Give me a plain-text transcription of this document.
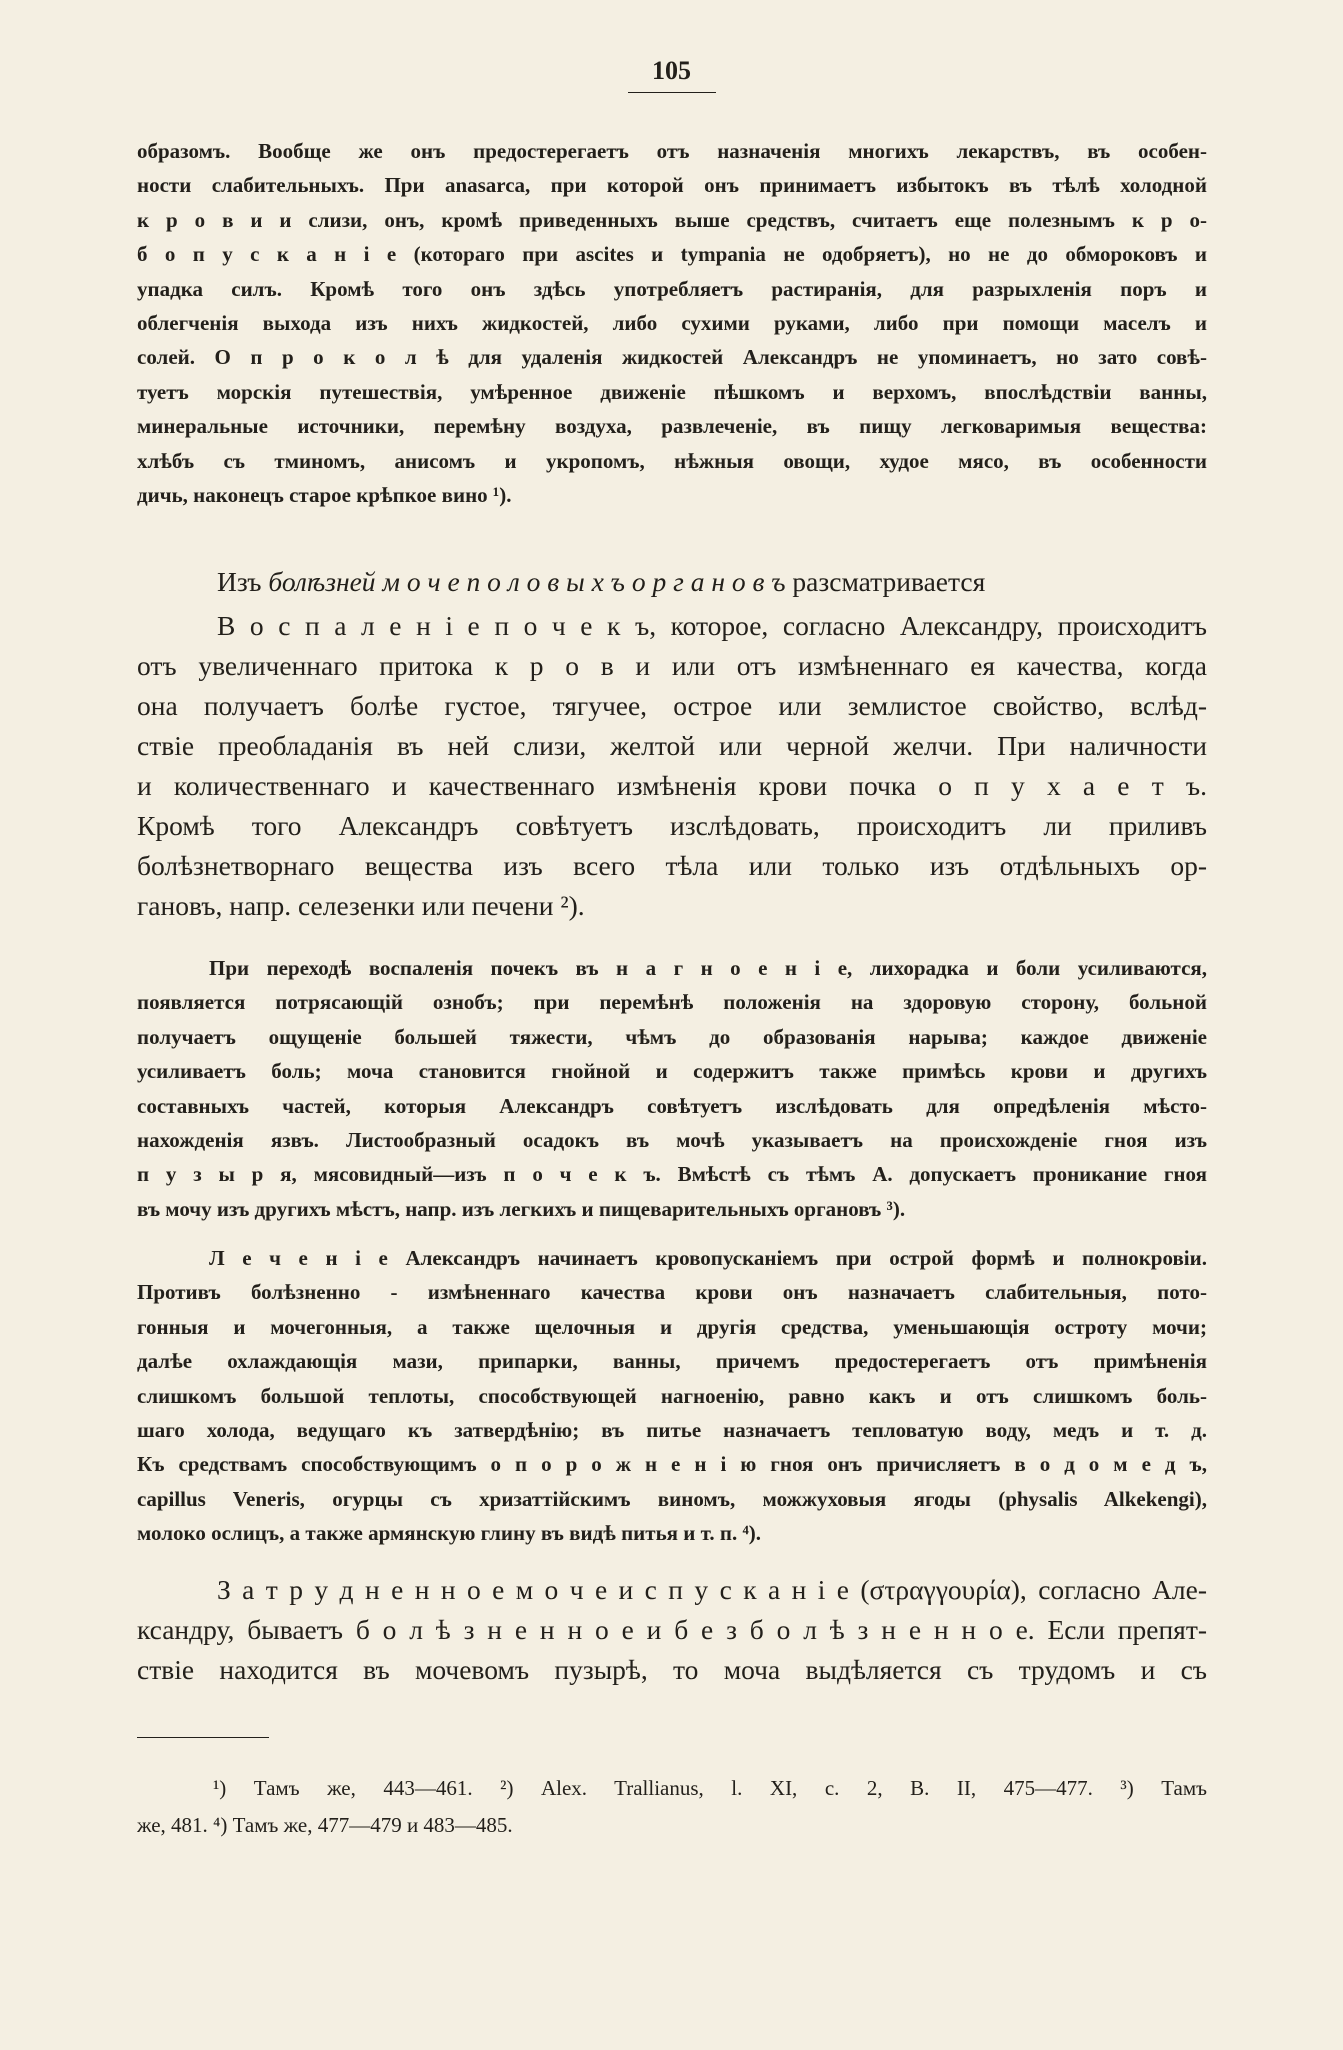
105
образомъ. Вообще же онъ предостерегаетъ отъ назначенія многихъ лекарствъ, въ особен-
ности слабительныхъ. При anasarca, при которой онъ принимаетъ избытокъ въ тѣлѣ холодной
к р о в и и слизи, онъ, кромѣ приведенныхъ выше средствъ, считаетъ еще полезнымъ к р о-
б о п у с к а н і е (котораго при ascites и tympania не одобряетъ), но не до обмороковъ и
упадка силъ. Кромѣ того онъ здѣсь употребляетъ растиранія, для разрыхленія поръ и
облегченія выхода изъ нихъ жидкостей, либо сухими руками, либо при помощи маселъ и
солей. О п р о к о л ѣ для удаленія жидкостей Александръ не упоминаетъ, но зато совѣ-
туетъ морскія путешествія, умѣренное движеніе пѣшкомъ и верхомъ, впослѣдствіи ванны,
минеральные источники, перемѣну воздуха, развлеченіе, въ пищу легковаримыя вещества:
хлѣбъ съ тминомъ, анисомъ и укропомъ, нѣжныя овощи, худое мясо, въ особенности
дичь, наконецъ старое крѣпкое вино ¹).
Изъ болѣзней м о ч е п о л о в ы х ъ о р г а н о в ъ разсматривается
В о с п а л е н і е п о ч е к ъ, которое, согласно Александру, происходитъ
отъ увеличеннаго притока к р о в и или отъ измѣненнаго ея качества, когда
она получаетъ болѣе густое, тягучее, острое или землистое свойство, вслѣд-
ствіе преобладанія въ ней слизи, желтой или черной желчи. При наличности
и количественнаго и качественнаго измѣненія крови почка о п у х а е т ъ.
Кромѣ того Александръ совѣтуетъ изслѣдовать, происходитъ ли приливъ
болѣзнетворнаго вещества изъ всего тѣла или только изъ отдѣльныхъ ор-
гановъ, напр. селезенки или печени ²).
При переходѣ воспаленія почекъ въ н а г н о е н і е, лихорадка и боли усиливаются,
появляется потрясающій ознобъ; при перемѣнѣ положенія на здоровую сторону, больной
получаетъ ощущеніе большей тяжести, чѣмъ до образованія нарыва; каждое движеніе
усиливаетъ боль; моча становится гнойной и содержитъ также примѣсь крови и другихъ
составныхъ частей, которыя Александръ совѣтуетъ изслѣдовать для опредѣленія мѣсто-
нахожденія язвъ. Листообразный осадокъ въ мочѣ указываетъ на происхожденіе гноя изъ
п у з ы р я, мясовидный—изъ п о ч е к ъ. Вмѣстѣ съ тѣмъ А. допускаетъ проникание гноя
въ мочу изъ другихъ мѣстъ, напр. изъ легкихъ и пищеварительныхъ органовъ ³).
Л е ч е н і е Александръ начинаетъ кровопусканіемъ при острой формѣ и полнокровіи.
Противъ болѣзненно - измѣненнаго качества крови онъ назначаетъ слабительныя, пото-
гонныя и мочегонныя, а также щелочныя и другія средства, уменьшающія остроту мочи;
далѣе охлаждающія мази, припарки, ванны, причемъ предостерегаетъ отъ примѣненія
слишкомъ большой теплоты, способствующей нагноенію, равно какъ и отъ слишкомъ боль-
шаго холода, ведущаго къ затвердѣнію; въ питье назначаетъ тепловатую воду, медъ и т. д.
Къ средствамъ способствующимъ о п о р о ж н е н і ю гноя онъ причисляетъ в о д о м е д ъ,
capillus Veneris, огурцы съ хризаттійскимъ виномъ, можжуховыя ягоды (physalis Alkekengi),
молоко ослицъ, а также армянскую глину въ видѣ питья и т. п. ⁴).
З а т р у д н е н н о е м о ч е и с п у с к а н і е (στραγγουρία), согласно Але-
ксандру, бываетъ б о л ѣ з н е н н о е и б е з б о л ѣ з н е н н о е. Если препят-
ствіе находится въ мочевомъ пузырѣ, то моча выдѣляется съ трудомъ и съ
¹) Тамъ же, 443—461. ²) Alex. Trallianus, l. XI, c. 2, B. II, 475—477. ³) Тамъ
же, 481. ⁴) Тамъ же, 477—479 и 483—485.
